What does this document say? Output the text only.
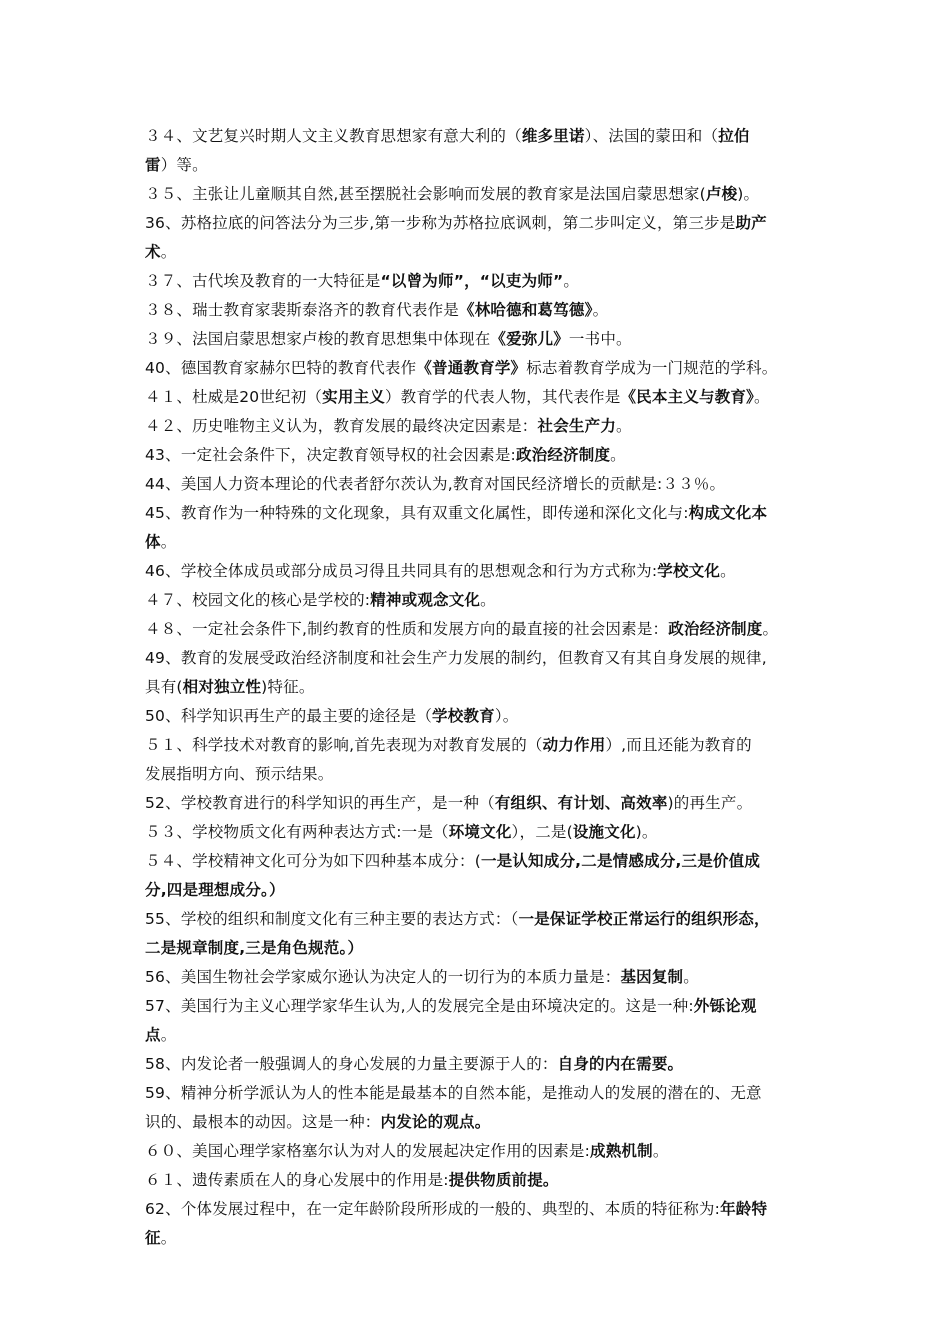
３４、文艺复兴时期人文主义教育思想家有意大利的（维多里诺）、法国的蒙田和（拉伯
雷）等。
３５、主张让儿童顺其自然,甚至摆脱社会影响而发展的教育家是法国启蒙思想家(卢梭)。
36、苏格拉底的问答法分为三步,第一步称为苏格拉底讽刺，第二步叫定义，第三步是助产
术。
３７、古代埃及教育的一大特征是“以曾为师”，“以吏为师”。
３８、瑞士教育家裴斯泰洛齐的教育代表作是《林哈德和葛笃德》。
３９、法国启蒙思想家卢梭的教育思想集中体现在《爱弥儿》一书中。
40、德国教育家赫尔巴特的教育代表作《普通教育学》标志着教育学成为一门规范的学科。
４１、杜威是20世纪初（实用主义）教育学的代表人物，其代表作是《民本主义与教育》。
４２、历史唯物主义认为，教育发展的最终决定因素是：社会生产力。
43、一定社会条件下，决定教育领导权的社会因素是:政治经济制度。
44、美国人力资本理论的代表者舒尔茨认为,教育对国民经济增长的贡献是:３３％。
45、教育作为一种特殊的文化现象，具有双重文化属性，即传递和深化文化与:构成文化本
体。
46、学校全体成员或部分成员习得且共同具有的思想观念和行为方式称为:学校文化。
４７、校园文化的核心是学校的:精神或观念文化。
４８、一定社会条件下,制约教育的性质和发展方向的最直接的社会因素是：政治经济制度。
49、教育的发展受政治经济制度和社会生产力发展的制约，但教育又有其自身发展的规律,
具有(相对独立性)特征。
50、科学知识再生产的最主要的途径是（学校教育）。
５１、科学技术对教育的影响,首先表现为对教育发展的（动力作用）,而且还能为教育的
发展指明方向、预示结果。
52、学校教育进行的科学知识的再生产，是一种（有组织、有计划、高效率)的再生产。
５３、学校物质文化有两种表达方式:一是（环境文化），二是(设施文化)。
５４、学校精神文化可分为如下四种基本成分：(一是认知成分,二是情感成分,三是价值成
分,四是理想成分。）
55、学校的组织和制度文化有三种主要的表达方式：（一是保证学校正常运行的组织形态，
二是规章制度,三是角色规范。）
56、美国生物社会学家威尔逊认为决定人的一切行为的本质力量是：基因复制。
57、美国行为主义心理学家华生认为,人的发展完全是由环境决定的。这是一种:外铄论观
点。
58、内发论者一般强调人的身心发展的力量主要源于人的：自身的内在需要。
59、精神分析学派认为人的性本能是最基本的自然本能，是推动人的发展的潜在的、无意
识的、最根本的动因。这是一种：内发论的观点。
６０、美国心理学家格塞尔认为对人的发展起决定作用的因素是:成熟机制。
６１、遗传素质在人的身心发展中的作用是:提供物质前提。
62、个体发展过程中，在一定年龄阶段所形成的一般的、典型的、本质的特征称为:年龄特
征。
